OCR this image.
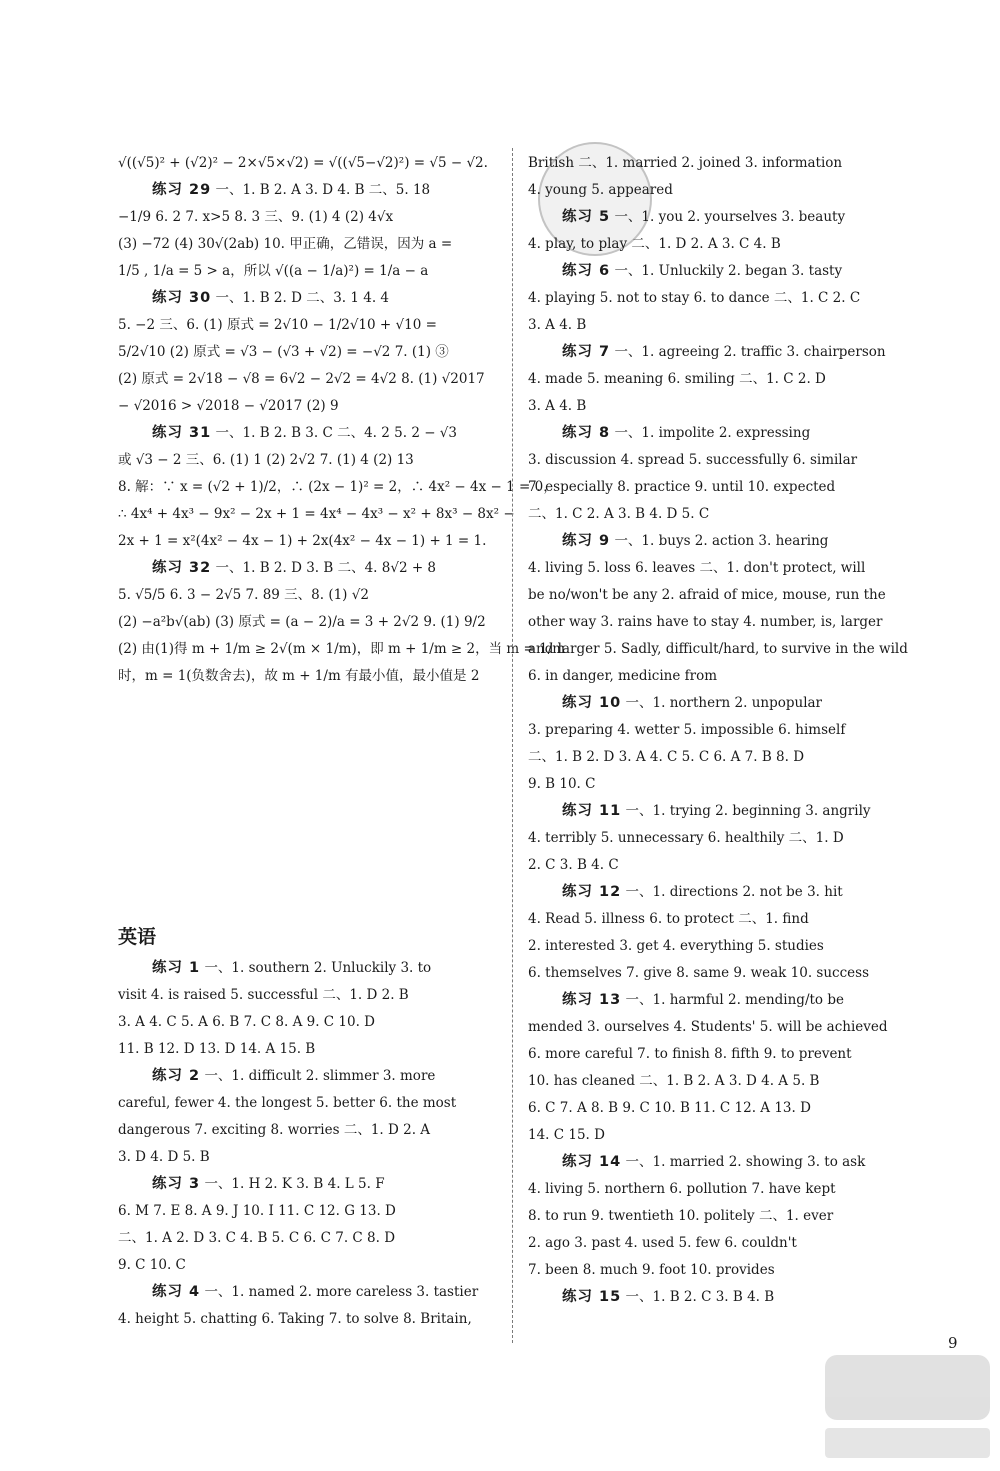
√((√5)² + (√2)² − 2×√5×√2) = √((√5−√2)²) = √5 − √2.
练习 29 一、1. B 2. A 3. D 4. B 二、5. 18
−1/9 6. 2 7. x>5 8. 3 三、9. (1) 4 (2) 4√x
(3) −72 (4) 30√(2ab) 10. 甲正确，乙错误，因为 a =
1/5 , 1/a = 5 > a，所以 √((a − 1/a)²) = 1/a − a
练习 30 一、1. B 2. D 二、3. 1 4. 4
5. −2 三、6. (1) 原式 = 2√10 − 1/2√10 + √10 =
5/2√10 (2) 原式 = √3 − (√3 + √2) = −√2 7. (1) ③
(2) 原式 = 2√18 − √8 = 6√2 − 2√2 = 4√2 8. (1) √2017
− √2016 > √2018 − √2017 (2) 9
练习 31 一、1. B 2. B 3. C 二、4. 2 5. 2 − √3
或 √3 − 2 三、6. (1) 1 (2) 2√2 7. (1) 4 (2) 13
8. 解：∵ x = (√2 + 1)/2，∴ (2x − 1)² = 2，∴ 4x² − 4x − 1 = 0，
∴ 4x⁴ + 4x³ − 9x² − 2x + 1 = 4x⁴ − 4x³ − x² + 8x³ − 8x² −
2x + 1 = x²(4x² − 4x − 1) + 2x(4x² − 4x − 1) + 1 = 1.
练习 32 一、1. B 2. D 3. B 二、4. 8√2 + 8
5. √5/5 6. 3 − 2√5 7. 89 三、8. (1) √2
(2) −a²b√(ab) (3) 原式 = (a − 2)/a = 3 + 2√2 9. (1) 9/2
(2) 由(1)得 m + 1/m ≥ 2√(m × 1/m)，即 m + 1/m ≥ 2，当 m = 1/m
时，m = 1(负数舍去)，故 m + 1/m 有最小值，最小值是 2
英语
练习 1 一、1. southern 2. Unluckily 3. to
visit 4. is raised 5. successful 二、1. D 2. B
3. A 4. C 5. A 6. B 7. C 8. A 9. C 10. D
11. B 12. D 13. D 14. A 15. B
练习 2 一、1. difficult 2. slimmer 3. more
careful, fewer 4. the longest 5. better 6. the most
dangerous 7. exciting 8. worries 二、1. D 2. A
3. D 4. D 5. B
练习 3 一、1. H 2. K 3. B 4. L 5. F
6. M 7. E 8. A 9. J 10. I 11. C 12. G 13. D
二、1. A 2. D 3. C 4. B 5. C 6. C 7. C 8. D
9. C 10. C
练习 4 一、1. named 2. more careless 3. tastier
4. height 5. chatting 6. Taking 7. to solve 8. Britain,
British 二、1. married 2. joined 3. information
4. young 5. appeared
练习 5 一、1. you 2. yourselves 3. beauty
4. play, to play 二、1. D 2. A 3. C 4. B
练习 6 一、1. Unluckily 2. began 3. tasty
4. playing 5. not to stay 6. to dance 二、1. C 2. C
3. A 4. B
练习 7 一、1. agreeing 2. traffic 3. chairperson
4. made 5. meaning 6. smiling 二、1. C 2. D
3. A 4. B
练习 8 一、1. impolite 2. expressing
3. discussion 4. spread 5. successfully 6. similar
7. especially 8. practice 9. until 10. expected
二、1. C 2. A 3. B 4. D 5. C
练习 9 一、1. buys 2. action 3. hearing
4. living 5. loss 6. leaves 二、1. don't protect, will
be no/won't be any 2. afraid of mice, mouse, run the
other way 3. rains have to stay 4. number, is, larger
and larger 5. Sadly, difficult/hard, to survive in the wild
6. in danger, medicine from
练习 10 一、1. northern 2. unpopular
3. preparing 4. wetter 5. impossible 6. himself
二、1. B 2. D 3. A 4. C 5. C 6. A 7. B 8. D
9. B 10. C
练习 11 一、1. trying 2. beginning 3. angrily
4. terribly 5. unnecessary 6. healthily 二、1. D
2. C 3. B 4. C
练习 12 一、1. directions 2. not be 3. hit
4. Read 5. illness 6. to protect 二、1. find
2. interested 3. get 4. everything 5. studies
6. themselves 7. give 8. same 9. weak 10. success
练习 13 一、1. harmful 2. mending/to be
mended 3. ourselves 4. Students' 5. will be achieved
6. more careful 7. to finish 8. fifth 9. to prevent
10. has cleaned 二、1. B 2. A 3. D 4. A 5. B
6. C 7. A 8. B 9. C 10. B 11. C 12. A 13. D
14. C 15. D
练习 14 一、1. married 2. showing 3. to ask
4. living 5. northern 6. pollution 7. have kept
8. to run 9. twentieth 10. politely 二、1. ever
2. ago 3. past 4. used 5. few 6. couldn't
7. been 8. much 9. foot 10. provides
练习 15 一、1. B 2. C 3. B 4. B
9
